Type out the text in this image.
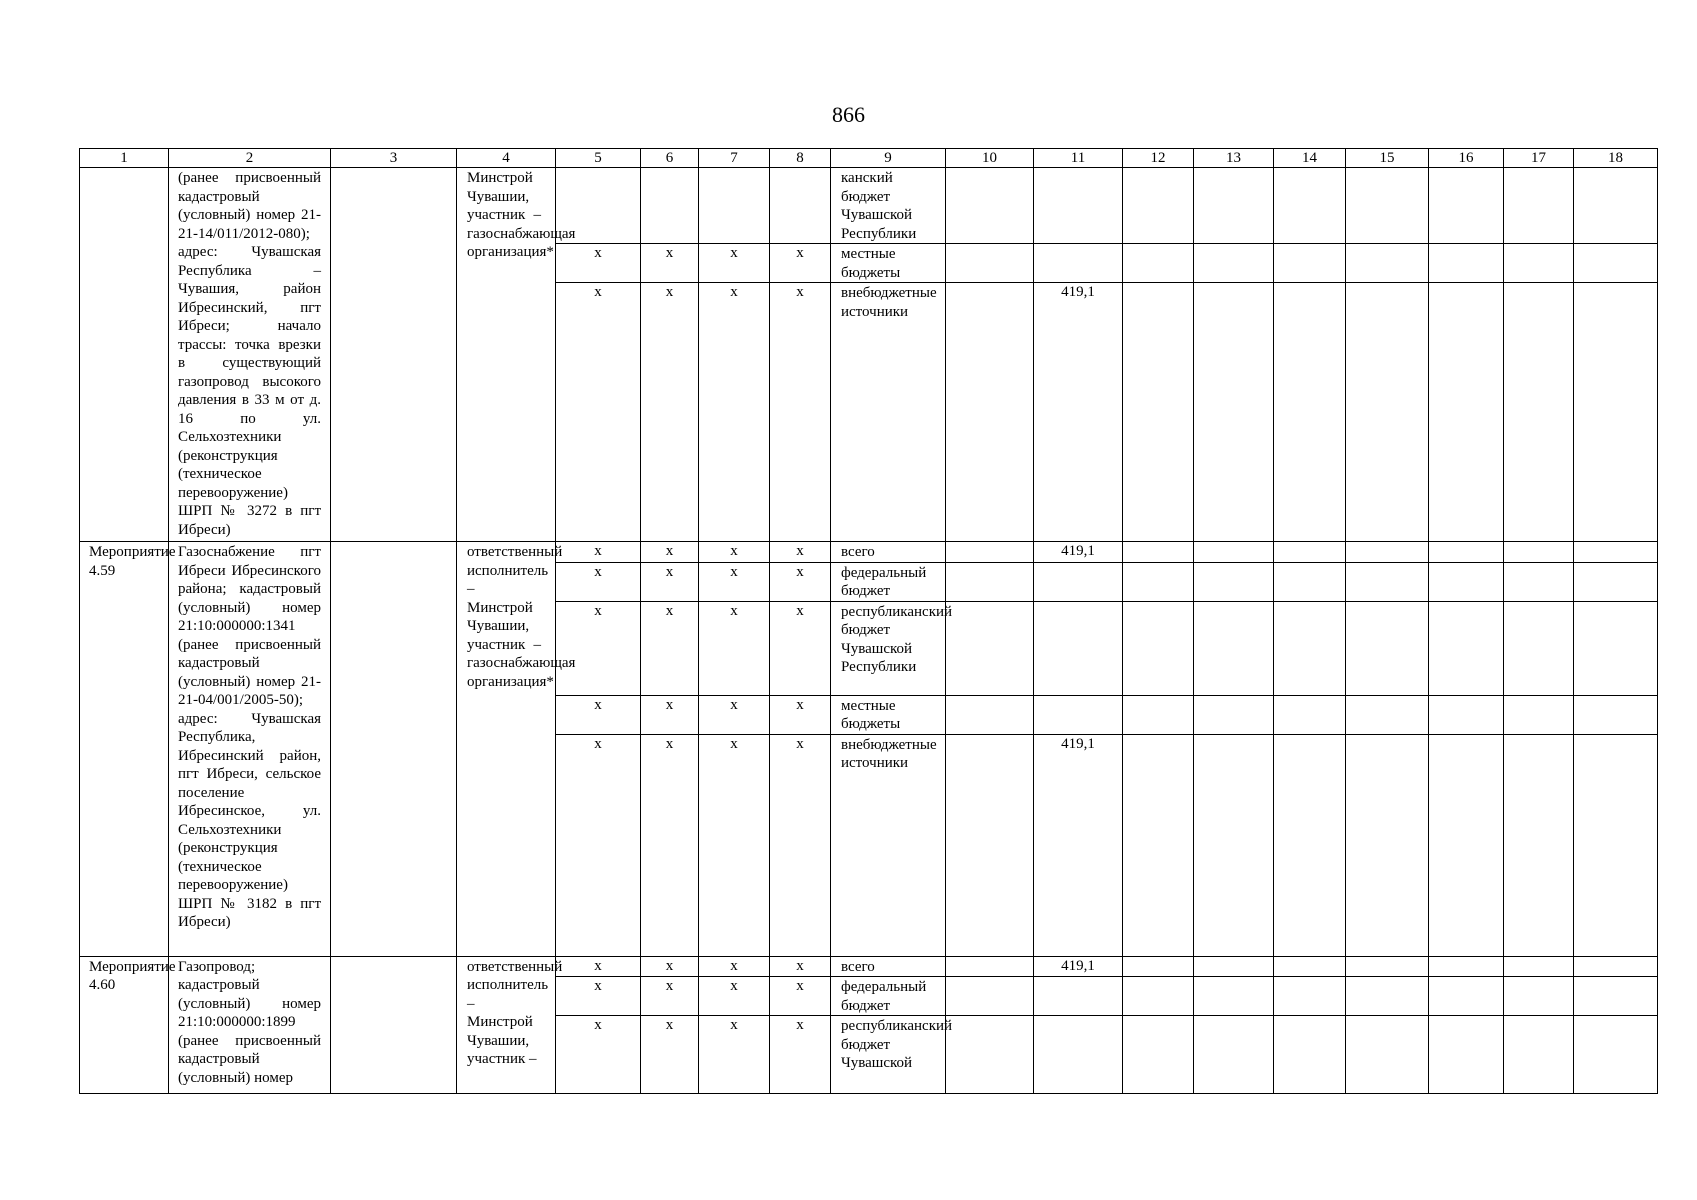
866
1	2	3	4	5	6	7	8	9	10	11	12	13	14	15	16	17	18
	(ранее присвоенный кадастровый (условный) номер 21-21-14/011/2012-080); адрес: Чувашская Республика – Чувашия, район Ибресинский, пгт Ибреси; начало трассы: точка врезки в существующий газопровод высокого давления в 33 м от д. 16 по ул. Сельхозтехники (реконструкция (техническое перевооружение) ШРП № 3272 в пгт Ибреси)		Минстрой Чувашии, участник – газоснабжающая организация*					канский бюджет Чувашской Республики									
				x	x	x	x	местные бюджеты									
				x	x	x	x	внебюджетные источники		419,1							
Мероприятие 4.59	Газоснабжение пгт Ибреси Ибресинского района; кадастровый (условный) номер 21:10:000000:1341 (ранее присвоенный кадастровый (условный) номер 21-21-04/001/2005-50); адрес: Чувашская Республика, Ибресинский район, пгт Ибреси, сельское поселение Ибресинское, ул. Сельхозтехники (реконструкция (техническое перевооружение) ШРП № 3182 в пгт Ибреси)		ответственный исполнитель – Минстрой Чувашии, участник – газоснабжающая организация*	x	x	x	x	всего		419,1							
				x	x	x	x	федеральный бюджет									
				x	x	x	x	республиканский бюджет Чувашской Республики									
				x	x	x	x	местные бюджеты									
				x	x	x	x	внебюджетные источники		419,1							
Мероприятие 4.60	Газопровод; кадастровый (условный) номер 21:10:000000:1899 (ранее присвоенный кадастровый (условный) номер		ответственный исполнитель – Минстрой Чувашии, участник –	x	x	x	x	всего		419,1							
				x	x	x	x	федеральный бюджет									
				x	x	x	x	республиканский бюджет Чувашской									
